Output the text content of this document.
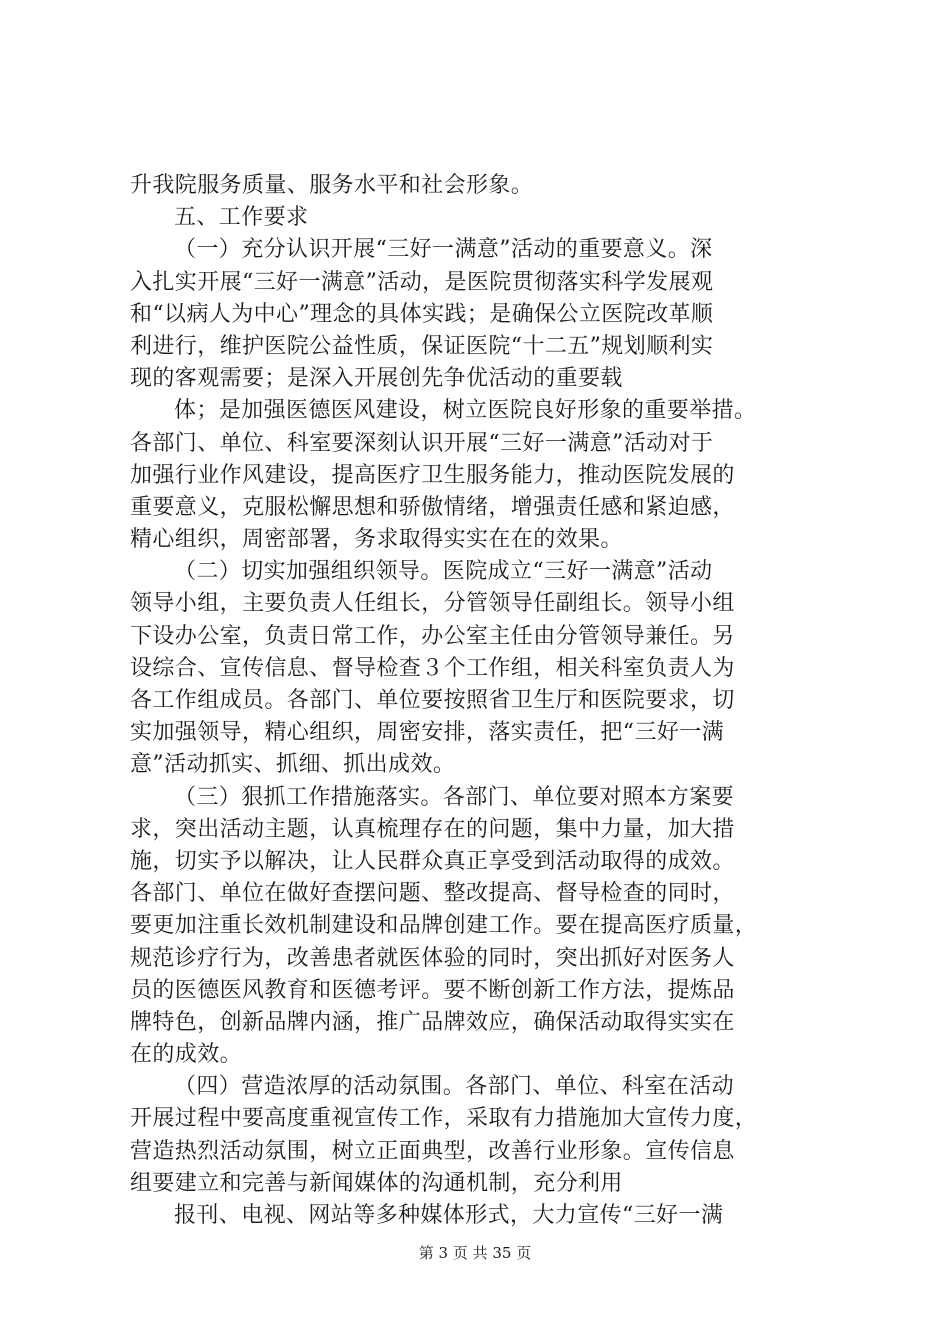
升我院服务质量、服务水平和社会形象。
五、工作要求
（一）充分认识开展“三好一满意”活动的重要意义。深
入扎实开展“三好一满意”活动，是医院贯彻落实科学发展观
和“以病人为中心”理念的具体实践；是确保公立医院改革顺
利进行，维护医院公益性质，保证医院“十二五”规划顺利实
现的客观需要；是深入开展创先争优活动的重要载
体；是加强医德医风建设，树立医院良好形象的重要举措。
各部门、单位、科室要深刻认识开展“三好一满意”活动对于
加强行业作风建设，提高医疗卫生服务能力，推动医院发展的
重要意义，克服松懈思想和骄傲情绪，增强责任感和紧迫感，
精心组织，周密部署，务求取得实实在在的效果。
（二）切实加强组织领导。医院成立“三好一满意”活动
领导小组，主要负责人任组长，分管领导任副组长。领导小组
下设办公室，负责日常工作，办公室主任由分管领导兼任。另
设综合、宣传信息、督导检查３个工作组，相关科室负责人为
各工作组成员。各部门、单位要按照省卫生厅和医院要求，切
实加强领导，精心组织，周密安排，落实责任，把“三好一满
意”活动抓实、抓细、抓出成效。
（三）狠抓工作措施落实。各部门、单位要对照本方案要
求，突出活动主题，认真梳理存在的问题，集中力量，加大措
施，切实予以解决，让人民群众真正享受到活动取得的成效。
各部门、单位在做好查摆问题、整改提高、督导检查的同时，
要更加注重长效机制建设和品牌创建工作。要在提高医疗质量，
规范诊疗行为，改善患者就医体验的同时，突出抓好对医务人
员的医德医风教育和医德考评。要不断创新工作方法，提炼品
牌特色，创新品牌内涵，推广品牌效应，确保活动取得实实在
在的成效。
（四）营造浓厚的活动氛围。各部门、单位、科室在活动
开展过程中要高度重视宣传工作，采取有力措施加大宣传力度，
营造热烈活动氛围，树立正面典型，改善行业形象。宣传信息
组要建立和完善与新闻媒体的沟通机制，充分利用
报刊、电视、网站等多种媒体形式，大力宣传“三好一满
第 3 页 共 35 页
